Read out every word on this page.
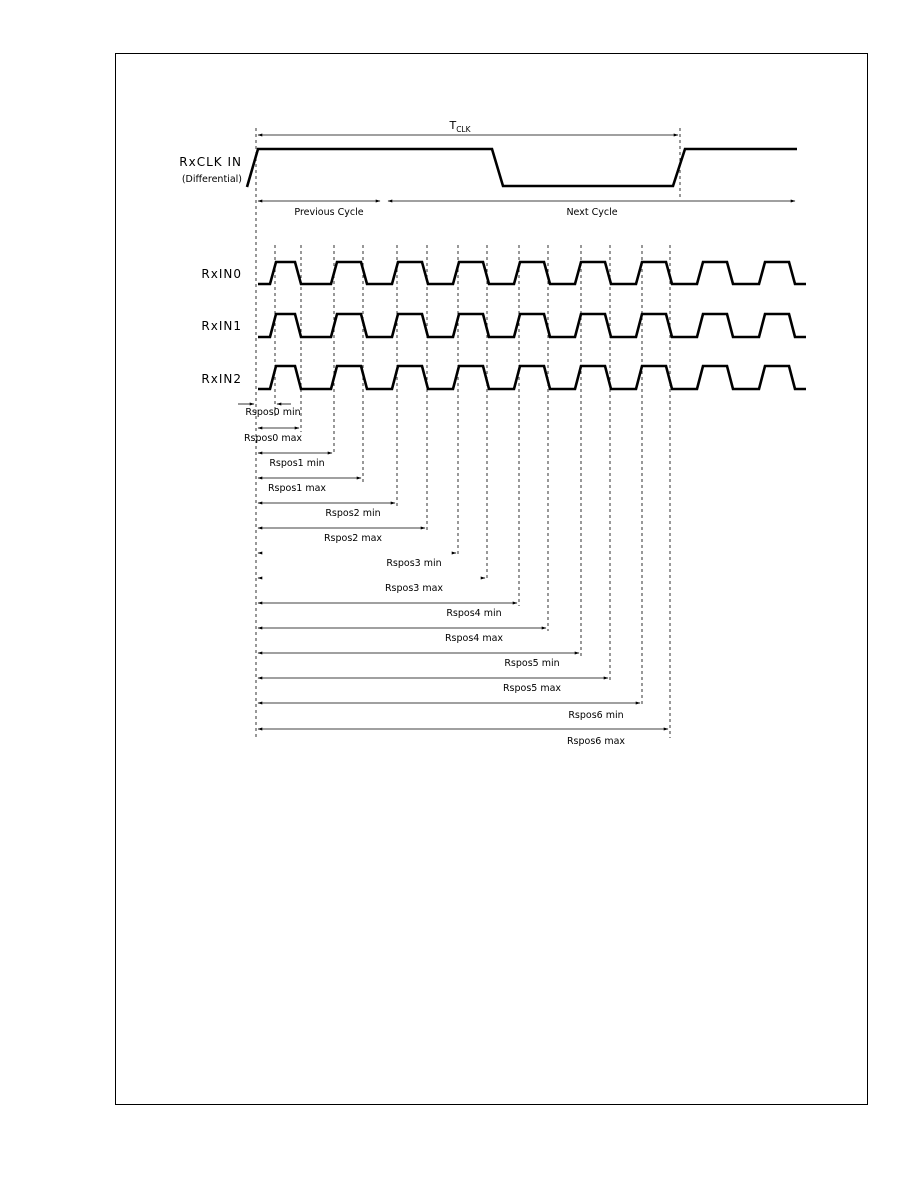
RxCLK IN
(Differential)
TCLK
Previous Cycle	Next Cycle
RxIN0
RxIN1
RxIN2
Rspos0 min
Rspos0 max
Rspos1 min
Rspos1 max
Rspos2 min
Rspos2 max
Rspos3 min
Rspos3 max
Rspos4 min
Rspos4 max
Rspos5 min
Rspos5 max
Rspos6 min
Rspos6 max
